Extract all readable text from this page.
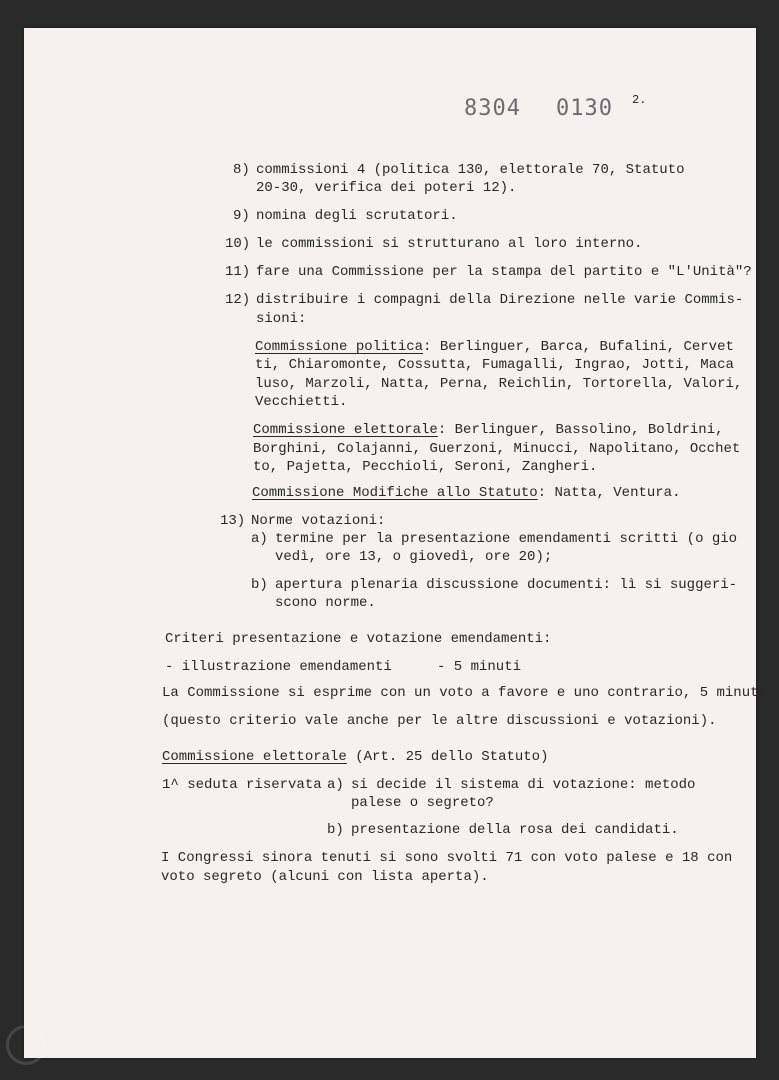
8304 0130 2.
8) commissioni 4 (politica 130, elettorale 70, Statuto
20-30, verifica dei poteri 12).
9) nomina degli scrutatori.
10) le commissioni si strutturano al loro interno.
11) fare una Commissione per la stampa del partito e "L'Unità"?
12) distribuire i compagni della Direzione nelle varie Commis-
sioni:
Commissione politica: Berlinguer, Barca, Bufalini, Cervet
ti, Chiaromonte, Cossutta, Fumagalli, Ingrao, Jotti, Maca
luso, Marzoli, Natta, Perna, Reichlin, Tortorella, Valori,
Vecchietti.
Commissione elettorale: Berlinguer, Bassolino, Boldrini,
Borghini, Colajanni, Guerzoni, Minucci, Napolitano, Occhet
to, Pajetta, Pecchioli, Seroni, Zangheri.
Commissione Modifiche allo Statuto: Natta, Ventura.
13) Norme votazioni:
a) termine per la presentazione emendamenti scritti (o gio
vedì, ore 13, o giovedì, ore 20);
b) apertura plenaria discussione documenti: lì si suggeri-
scono norme.
Criteri presentazione e votazione emendamenti:
- illustrazione emendamenti	- 5 minuti
La Commissione si esprime con un voto a favore e uno contrario, 5 minuti.
(questo criterio vale anche per le altre discussioni e votazioni).
Commissione elettorale (Art. 25 dello Statuto)
1^ seduta riservata a) si decide il sistema di votazione: metodo
palese o segreto?
b) presentazione della rosa dei candidati.
I Congressi sinora tenuti si sono svolti 71 con voto palese e 18 con
voto segreto (alcuni con lista aperta).
